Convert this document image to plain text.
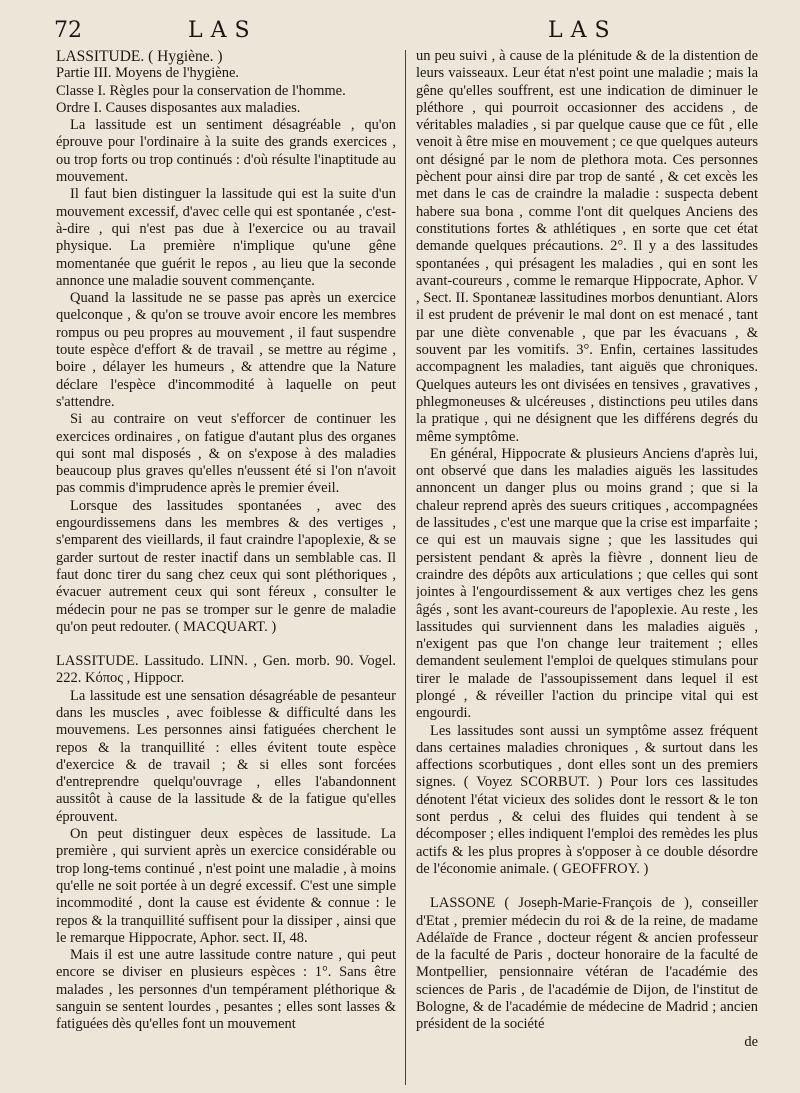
72	LAS	LAS

LASSITUDE. ( Hygiène. )

Partie III. Moyens de l'hygiène.

Classe I. Règles pour la conservation de l'homme.

Ordre I. Causes disposantes aux maladies.

La lassitude est un sentiment désagréable , qu'on éprouve pour l'ordinaire à la suite des grands exercices , ou trop forts ou trop continués : d'où résulte l'inaptitude au mouvement.

Il faut bien distinguer la lassitude qui est la suite d'un mouvement excessif, d'avec celle qui est spontanée , c'est-à-dire , qui n'est pas due à l'exercice ou au travail physique. La première n'implique qu'une gêne momentanée que guérit le repos , au lieu que la seconde annonce une maladie souvent commençante.

Quand la lassitude ne se passe pas après un exercice quelconque , & qu'on se trouve avoir encore les membres rompus ou peu propres au mouvement , il faut suspendre toute espèce d'effort & de travail , se mettre au régime , boire , délayer les humeurs , & attendre que la Nature déclare l'espèce d'incommodité à laquelle on peut s'attendre.

Si au contraire on veut s'efforcer de continuer les exercices ordinaires , on fatigue d'autant plus des organes qui sont mal disposés , & on s'expose à des maladies beaucoup plus graves qu'elles n'eussent été si l'on n'avoit pas commis d'imprudence après le premier éveil.

Lorsque des lassitudes spontanées , avec des engourdissemens dans les membres & des vertiges , s'emparent des vieillards, il faut craindre l'apoplexie, & se garder surtout de rester inactif dans un semblable cas. Il faut donc tirer du sang chez ceux qui sont pléthoriques , évacuer autrement ceux qui sont féreux , consulter le médecin pour ne pas se tromper sur le genre de maladie qu'on peut redouter. ( MACQUART. )

LASSITUDE. Lassitudo. LINN. , Gen. morb. 90. Vogel. 222. Κόπος , Hippocr.

La lassitude est une sensation désagréable de pesanteur dans les muscles , avec foiblesse & difficulté dans les mouvemens. Les personnes ainsi fatiguées cherchent le repos & la tranquillité : elles évitent toute espèce d'exercice & de travail ; & si elles sont forcées d'entreprendre quelqu'ouvrage , elles l'abandonnent aussitôt à cause de la lassitude & de la fatigue qu'elles éprouvent.

On peut distinguer deux espèces de lassitude. La première , qui survient après un exercice considérable ou trop long-tems continué , n'est point une maladie , à moins qu'elle ne soit portée à un degré excessif. C'est une simple incommodité , dont la cause est évidente & connue : le repos & la tranquillité suffisent pour la dissiper , ainsi que le remarque Hippocrate, Aphor. sect. II, 48.

Mais il est une autre lassitude contre nature , qui peut encore se diviser en plusieurs espèces : 1°. Sans être malades , les personnes d'un tempérament pléthorique & sanguin se sentent lourdes , pesantes ; elles sont lasses & fatiguées dès qu'elles font un mouvement

un peu suivi , à cause de la plénitude & de la distention de leurs vaisseaux. Leur état n'est point une maladie ; mais la gêne qu'elles souffrent, est une indication de diminuer le pléthore , qui pourroit occasionner des accidens , de véritables maladies , si par quelque cause que ce fût , elle venoit à être mise en mouvement ; ce que quelques auteurs ont désigné par le nom de plethora mota. Ces personnes pèchent pour ainsi dire par trop de santé , & cet excès les met dans le cas de craindre la maladie : suspecta debent habere sua bona , comme l'ont dit quelques Anciens des constitutions fortes & athlétiques , en sorte que cet état demande quelques précautions. 2°. Il y a des lassitudes spontanées , qui présagent les maladies , qui en sont les avant-coureurs , comme le remarque Hippocrate, Aphor. V , Sect. II. Spontaneæ lassitudines morbos denuntiant. Alors il est prudent de prévenir le mal dont on est menacé , tant par une diète convenable , que par les évacuans , & souvent par les vomitifs. 3°. Enfin, certaines lassitudes accompagnent les maladies, tant aiguës que chroniques. Quelques auteurs les ont divisées en tensives , gravatives , phlegmoneuses & ulcéreuses , distinctions peu utiles dans la pratique , qui ne désignent que les différens degrés du même symptôme.

En général, Hippocrate & plusieurs Anciens d'après lui, ont observé que dans les maladies aiguës les lassitudes annoncent un danger plus ou moins grand ; que si la chaleur reprend après des sueurs critiques , accompagnées de lassitudes , c'est une marque que la crise est imparfaite ; ce qui est un mauvais signe ; que les lassitudes qui persistent pendant & après la fièvre , donnent lieu de craindre des dépôts aux articulations ; que celles qui sont jointes à l'engourdissement & aux vertiges chez les gens âgés , sont les avant-coureurs de l'apoplexie. Au reste , les lassitudes qui surviennent dans les maladies aiguës , n'exigent pas que l'on change leur traitement ; elles demandent seulement l'emploi de quelques stimulans pour tirer le malade de l'assoupissement dans lequel il est plongé , & réveiller l'action du principe vital qui est engourdi.

Les lassitudes sont aussi un symptôme assez fréquent dans certaines maladies chroniques , & surtout dans les affections scorbutiques , dont elles sont un des premiers signes. ( Voyez SCORBUT. ) Pour lors ces lassitudes dénotent l'état vicieux des solides dont le ressort & le ton sont perdus , & celui des fluides qui tendent à se décomposer ; elles indiquent l'emploi des remèdes les plus actifs & les plus propres à s'opposer à ce double désordre de l'économie animale. ( GEOFFROY. )

LASSONE ( Joseph-Marie-François de ), conseiller d'Etat , premier médecin du roi & de la reine, de madame Adélaïde de France , docteur régent & ancien professeur de la faculté de Paris , docteur honoraire de la faculté de Montpellier, pensionnaire vétéran de l'académie des sciences de Paris , de l'académie de Dijon, de l'institut de Bologne, & de l'académie de médecine de Madrid ; ancien président de la société

de
